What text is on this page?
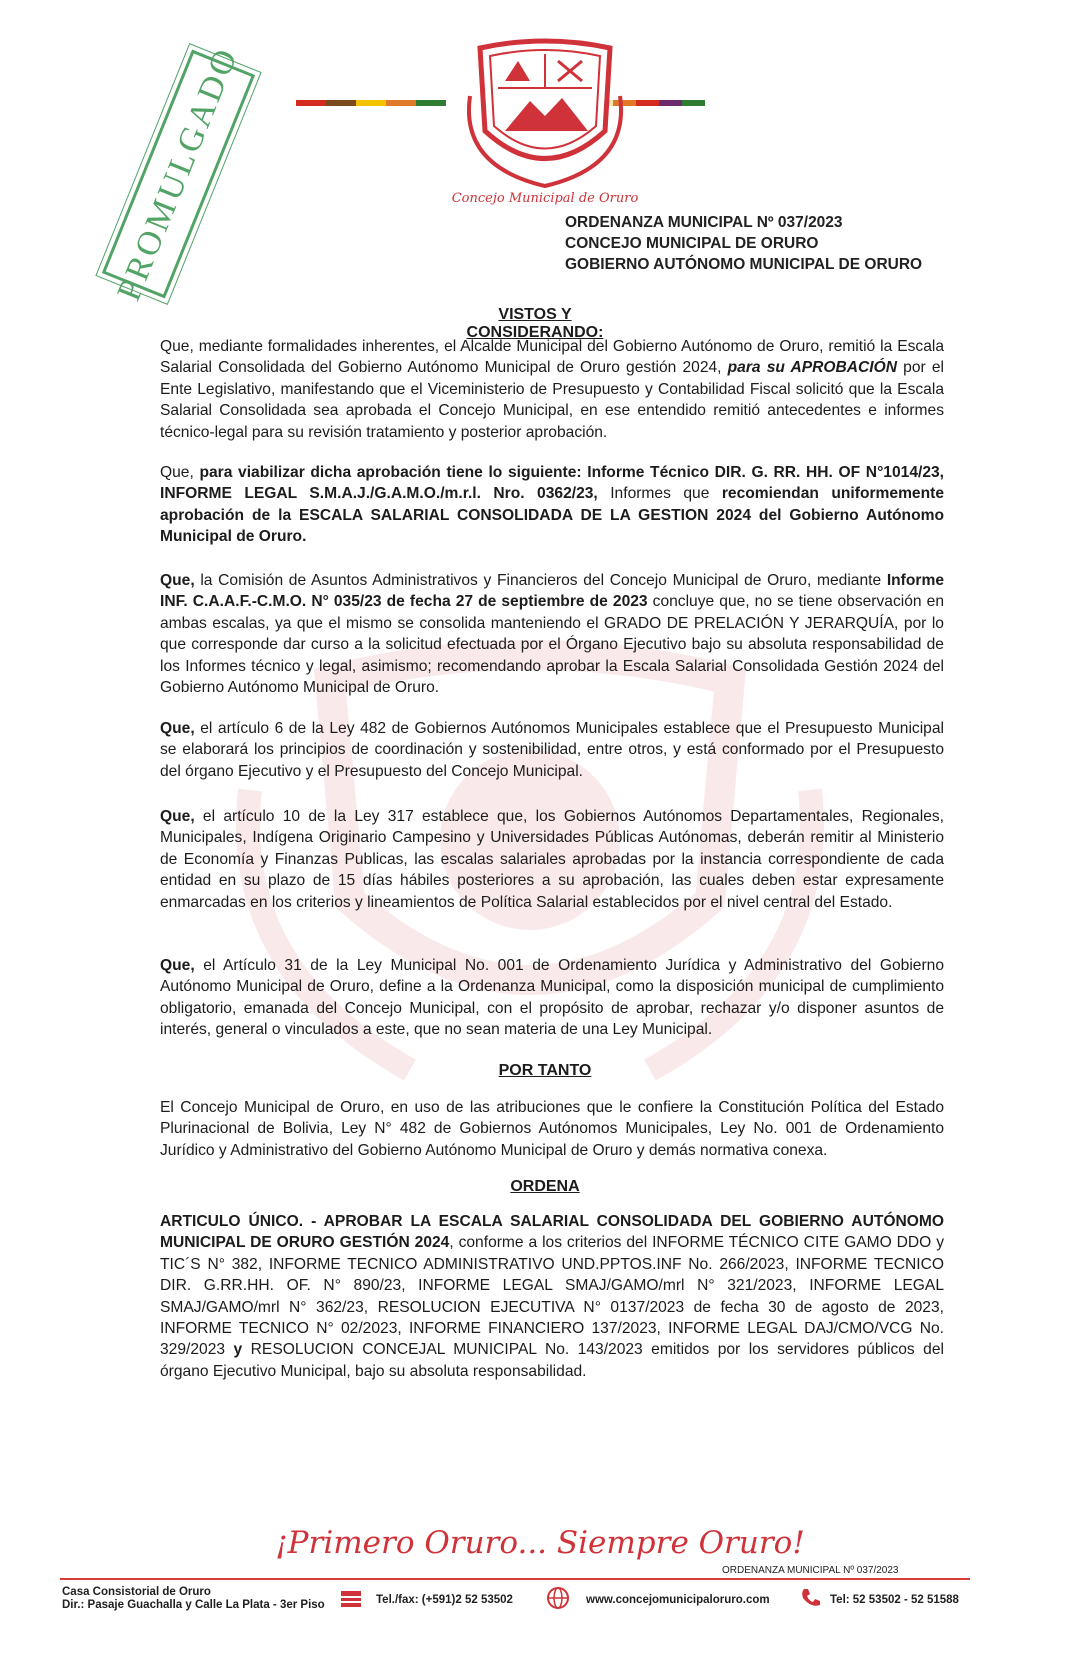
PROMULGADO	Concejo Municipal de Oruro
ORDENANZA MUNICIPAL Nº 037/2023
CONCEJO MUNICIPAL DE ORURO
GOBIERNO AUTÓNOMO MUNICIPAL DE ORURO
VISTOS Y CONSIDERANDO:
Que, mediante formalidades inherentes, el Alcalde Municipal del Gobierno Autónomo de Oruro, remitió la Escala Salarial Consolidada del Gobierno Autónomo Municipal de Oruro gestión 2024, para su APROBACIÓN por el Ente Legislativo, manifestando que el Viceministerio de Presupuesto y Contabilidad Fiscal solicitó que la Escala Salarial Consolidada sea aprobada el Concejo Municipal, en ese entendido remitió antecedentes e informes técnico-legal para su revisión tratamiento y posterior aprobación.
Que, para viabilizar dicha aprobación tiene lo siguiente: Informe Técnico DIR. G. RR. HH. OF N°1014/23, INFORME LEGAL S.M.A.J./G.A.M.O./m.r.l. Nro. 0362/23, Informes que recomiendan uniformemente aprobación de la ESCALA SALARIAL CONSOLIDADA DE LA GESTION 2024 del Gobierno Autónomo Municipal de Oruro.
Que, la Comisión de Asuntos Administrativos y Financieros del Concejo Municipal de Oruro, mediante Informe INF. C.A.A.F.-C.M.O. N° 035/23 de fecha 27 de septiembre de 2023 concluye que, no se tiene observación en ambas escalas, ya que el mismo se consolida manteniendo el GRADO DE PRELACIÓN Y JERARQUÍA, por lo que corresponde dar curso a la solicitud efectuada por el Órgano Ejecutivo bajo su absoluta responsabilidad de los Informes técnico y legal, asimismo; recomendando aprobar la Escala Salarial Consolidada Gestión 2024 del Gobierno Autónomo Municipal de Oruro.
Que, el artículo 6 de la Ley 482 de Gobiernos Autónomos Municipales establece que el Presupuesto Municipal se elaborará los principios de coordinación y sostenibilidad, entre otros, y está conformado por el Presupuesto del órgano Ejecutivo y el Presupuesto del Concejo Municipal.
Que, el artículo 10 de la Ley 317 establece que, los Gobiernos Autónomos Departamentales, Regionales, Municipales, Indígena Originario Campesino y Universidades Públicas Autónomas, deberán remitir al Ministerio de Economía y Finanzas Publicas, las escalas salariales aprobadas por la instancia correspondiente de cada entidad en su plazo de 15 días hábiles posteriores a su aprobación, las cuales deben estar expresamente enmarcadas en los criterios y lineamientos de Política Salarial establecidos por el nivel central del Estado.
Que, el Artículo 31 de la Ley Municipal No. 001 de Ordenamiento Jurídica y Administrativo del Gobierno Autónomo Municipal de Oruro, define a la Ordenanza Municipal, como la disposición municipal de cumplimiento obligatorio, emanada del Concejo Municipal, con el propósito de aprobar, rechazar y/o disponer asuntos de interés, general o vinculados a este, que no sean materia de una Ley Municipal.
POR TANTO
El Concejo Municipal de Oruro, en uso de las atribuciones que le confiere la Constitución Política del Estado Plurinacional de Bolivia, Ley N° 482 de Gobiernos Autónomos Municipales, Ley No. 001 de Ordenamiento Jurídico y Administrativo del Gobierno Autónomo Municipal de Oruro y demás normativa conexa.
ORDENA
ARTICULO ÚNICO. - APROBAR LA ESCALA SALARIAL CONSOLIDADA DEL GOBIERNO AUTÓNOMO MUNICIPAL DE ORURO GESTIÓN 2024, conforme a los criterios del INFORME TÉCNICO CITE GAMO DDO y TIC´S N° 382, INFORME TECNICO ADMINISTRATIVO UND.PPTOS.INF No. 266/2023, INFORME TECNICO DIR. G.RR.HH. OF. N° 890/23, INFORME LEGAL SMAJ/GAMO/mrl N° 321/2023, INFORME LEGAL SMAJ/GAMO/mrl N° 362/23, RESOLUCION EJECUTIVA N° 0137/2023 de fecha 30 de agosto de 2023, INFORME TECNICO N° 02/2023, INFORME FINANCIERO 137/2023, INFORME LEGAL DAJ/CMO/VCG No. 329/2023 y RESOLUCION CONCEJAL MUNICIPAL No. 143/2023 emitidos por los servidores públicos del órgano Ejecutivo Municipal, bajo su absoluta responsabilidad.
¡Primero Oruro... Siempre Oruro!
ORDENANZA MUNICIPAL Nº 037/2023
Casa Consistorial de Oruro
Dir.: Pasaje Guachalla y Calle La Plata - 3er Piso	Tel./fax: (+591)2 52 53502	www.concejomunicipaloruro.com	Tel: 52 53502 - 52 51588
